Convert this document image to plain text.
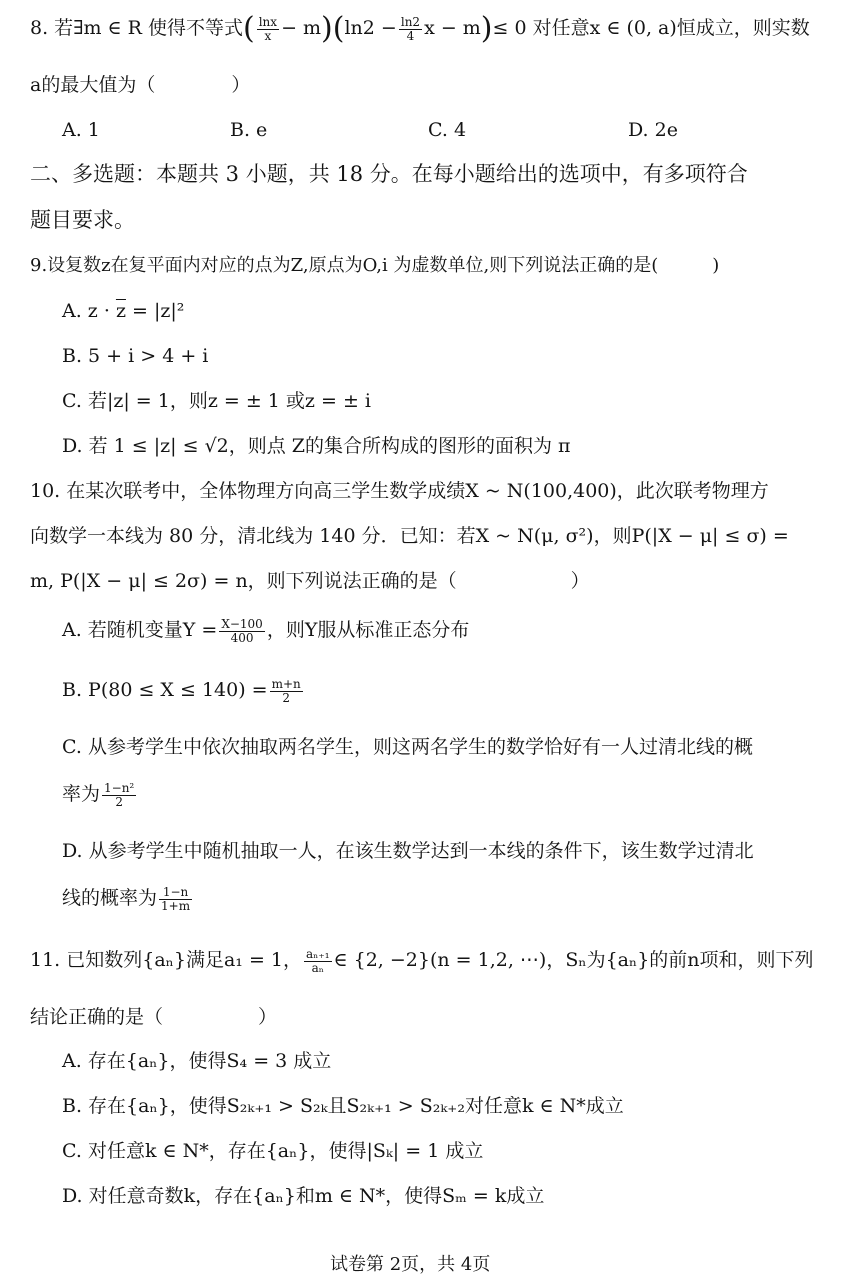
8. 若∃m ∈ R 使得不等式( $\frac{\ln x}{x} - m)(\ln 2 - \frac{\ln 2}{4}$ x − m)≤ 0 对任意x ∈ (0, a)恒成立，则实数
a的最大值为（　　　　）
A. 1	B. e	C. 4	D. 2e
二、多选题：本题共 3 小题，共 18 分。在每小题给出的选项中，有多项符合
题目要求。
9.设复数z在复平面内对应的点为Z,原点为O,i 为虚数单位,则下列说法正确的是(　　　)
A. $z \cdot \overline{z} = |z|^2$
B. 5 + i > 4 + i
C. 若|z| = 1，则z = ± 1 或z = ± i
D. 若 1 ≤ |z| ≤ √2，则点 Z的集合所构成的图形的面积为 π
10. 在某次联考中，全体物理方向高三学生数学成绩X ~ N(100,400)，此次联考物理方
向数学一本线为 80 分，清北线为 140 分．已知：若X ~ N(μ, σ²)，则P(|X − μ| ≤ σ) =
m, P(|X − μ| ≤ 2σ) = n，则下列说法正确的是（　　　　　　）
A. 若随机变量$Y = \frac{X-100}{400}$ ，则Y服从标准正态分布
B. $P(80 \le X \le 140) = \frac{m+n}{2}$
C. 从参考学生中依次抽取两名学生，则这两名学生的数学恰好有一人过清北线的概
率为 $\frac{\text{1−n²}}{2}$
D. 从参考学生中随机抽取一人，在该生数学达到一本线的条件下，该生数学过清北
线的概率为 $\frac{1-n}{1+m}$
11. 已知数列{aₙ}满足a₁ = 1， $\frac{\text{aₙ₊₁}}{\text{aₙ}}$ ∈ {2, −2}(n = 1,2, ⋯)，Sₙ为{aₙ}的前n项和，则下列
结论正确的是（　　　　　）
A. 存在{aₙ}，使得S₄ = 3 成立
B. 存在{aₙ}，使得S₂ₖ₊₁ > S₂ₖ且S₂ₖ₊₁ > S₂ₖ₊₂对任意k ∈ N*成立
C. 对任意k ∈ N*，存在{aₙ}，使得|Sₖ| = 1 成立
D. 对任意奇数k，存在{aₙ}和m ∈ N*，使得Sₘ = k成立
试卷第 2页，共 4页
